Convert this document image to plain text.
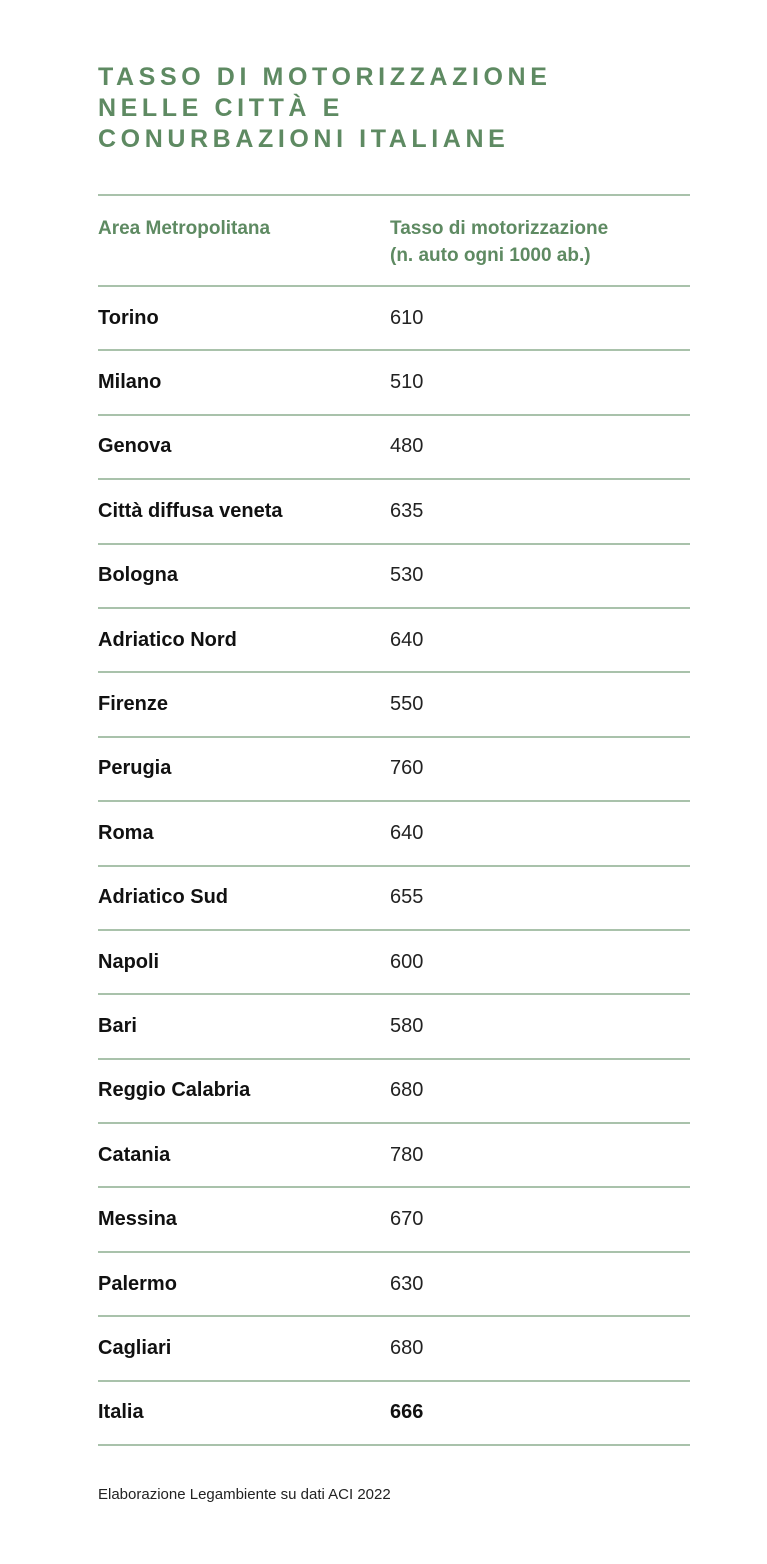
TASSO DI MOTORIZZAZIONE
NELLE CITTÀ E
CONURBAZIONI ITALIANE
Area Metropolitana	Tasso di motorizzazione
(n. auto ogni 1000 ab.)
Torino	610
Milano	510
Genova	480
Città diffusa veneta	635
Bologna	530
Adriatico Nord	640
Firenze	550
Perugia	760
Roma	640
Adriatico Sud	655
Napoli	600
Bari	580
Reggio Calabria	680
Catania	780
Messina	670
Palermo	630
Cagliari	680
Italia	666
Elaborazione Legambiente su dati ACI 2022
